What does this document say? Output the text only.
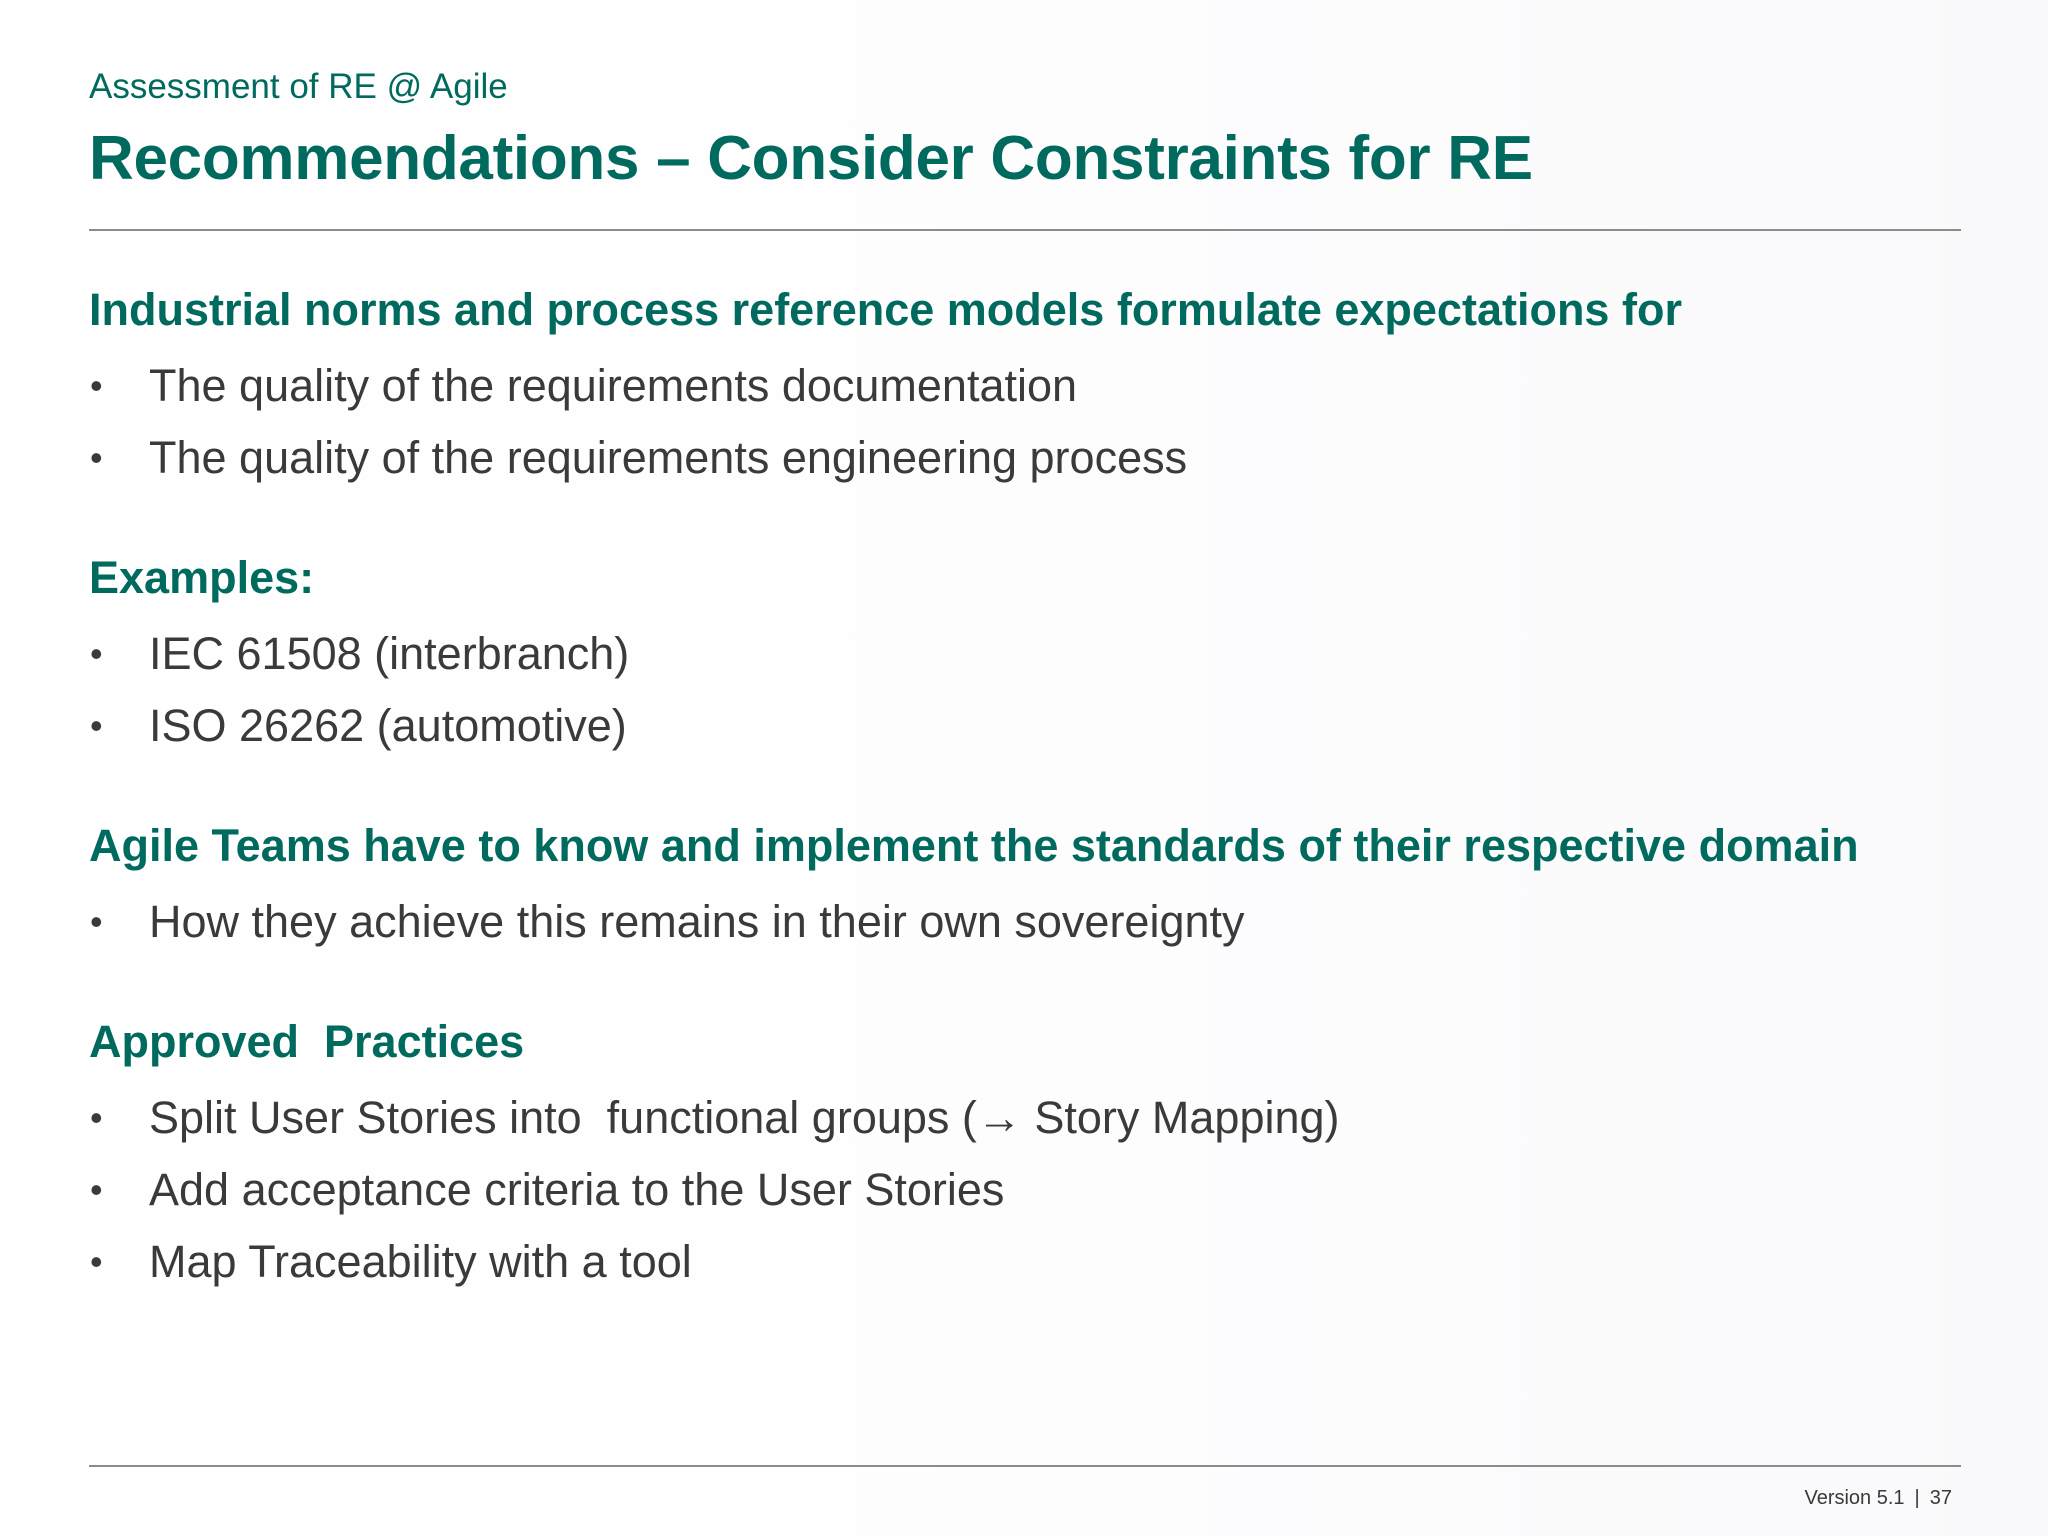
Assessment of RE @ Agile
Recommendations – Consider Constraints for RE
Industrial norms and process reference models formulate expectations for
• The quality of the requirements documentation
• The quality of the requirements engineering process
Examples:
• IEC 61508 (interbranch)
• ISO 26262 (automotive)
Agile Teams have to know and implement the standards of their respective domain
• How they achieve this remains in their own sovereignty
Approved  Practices
• Split User Stories into  functional groups (→ Story Mapping)
• Add acceptance criteria to the User Stories
• Map Traceability with a tool
Version 5.1 | 37
